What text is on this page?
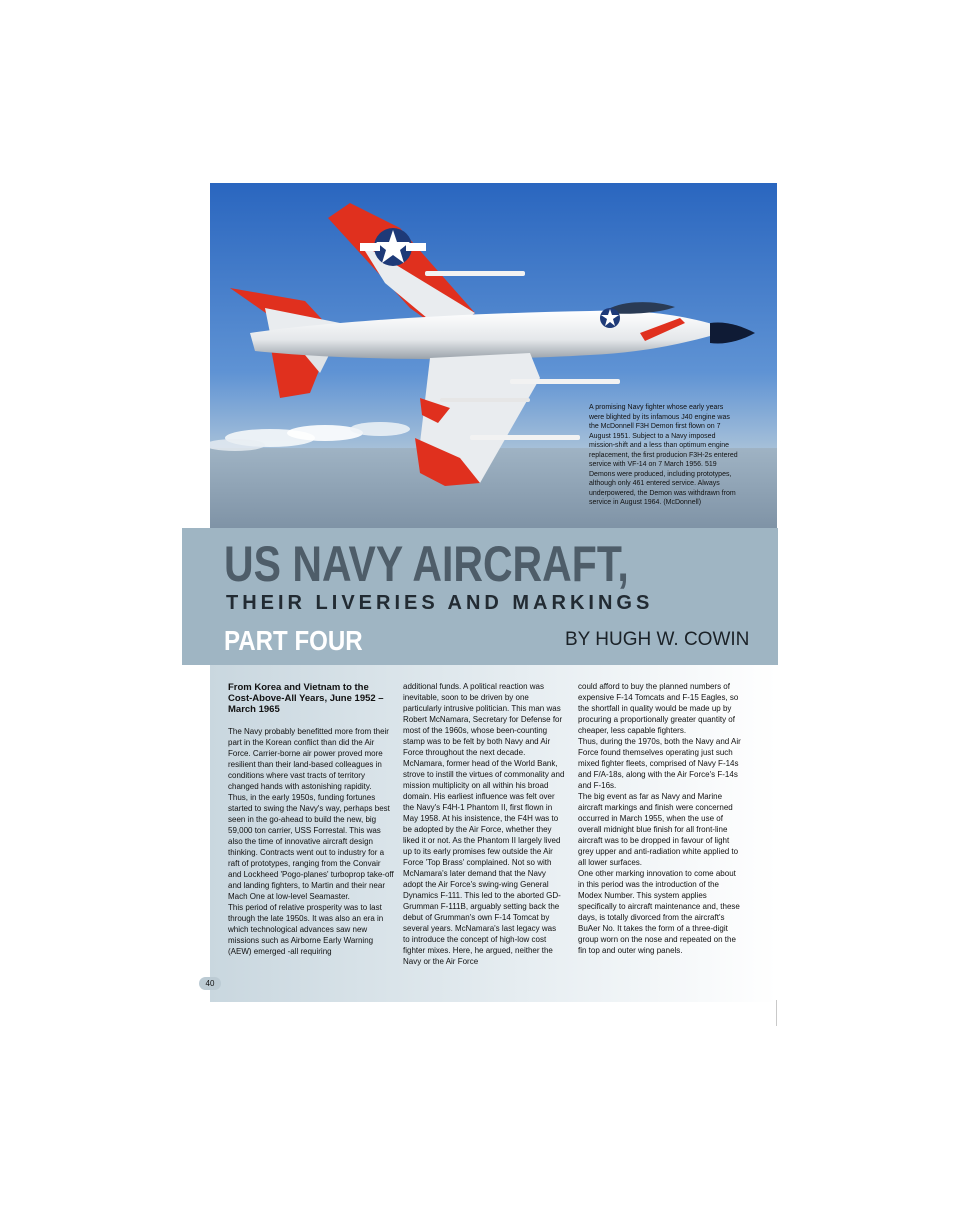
A promising Navy fighter whose early years were blighted by its infamous J40 engine was the McDonnell F3H Demon first flown on 7 August 1951. Subject to a Navy imposed mission-shift and a less than optimum engine replacement, the first producion F3H-2s entered service with VF-14 on 7 March 1956. 519 Demons were produced, including prototypes, although only 461 entered service. Always underpowered, the Demon was withdrawn from service in August 1964. (McDonnell)
US NAVY AIRCRAFT,
THEIR LIVERIES AND MARKINGS
PART FOUR	BY HUGH W. COWIN
From Korea and Vietnam to the Cost-Above-All Years, June 1952 – March 1965

The Navy probably benefitted more from their part in the Korean conflict than did the Air Force. Carrier-borne air power proved more resilient than their land-based colleagues in conditions where vast tracts of territory changed hands with astonishing rapidity.

Thus, in the early 1950s, funding fortunes started to swing the Navy's way, perhaps best seen in the go-ahead to build the new, big 59,000 ton carrier, USS Forrestal. This was also the time of innovative aircraft design thinking. Contracts went out to industry for a raft of prototypes, ranging from the Convair and Lockheed 'Pogo-planes' turboprop take-off and landing fighters, to Martin and their near Mach One at low-level Seamaster.

This period of relative prosperity was to last through the late 1950s. It was also an era in which technological advances saw new missions such as Airborne Early Warning (AEW) emerged -all requiring

additional funds. A political reaction was inevitable, soon to be driven by one particularly intrusive politician. This man was Robert McNamara, Secretary for Defense for most of the 1960s, whose been-counting stamp was to be felt by both Navy and Air Force throughout the next decade. McNamara, former head of the World Bank, strove to instill the virtues of commonality and mission multiplicity on all within his broad domain. His earliest influence was felt over the Navy's F4H-1 Phantom II, first flown in May 1958. At his insistence, the F4H was to be adopted by the Air Force, whether they liked it or not. As the Phantom II largely lived up to its early promises few outside the Air Force 'Top Brass' complained. Not so with McNamara's later demand that the Navy adopt the Air Force's swing-wing General Dynamics F-111. This led to the aborted GD-Grumman F-111B, arguably setting back the debut of Grumman's own F-14 Tomcat by several years. McNamara's last legacy was to introduce the concept of high-low cost fighter mixes. Here, he argued, neither the Navy or the Air Force

could afford to buy the planned numbers of expensive F-14 Tomcats and F-15 Eagles, so the shortfall in quality would be made up by procuring a proportionally greater quantity of cheaper, less capable fighters.

Thus, during the 1970s, both the Navy and Air Force found themselves operating just such mixed fighter fleets, comprised of Navy F-14s and F/A-18s, along with the Air Force's F-14s and F-16s.

The big event as far as Navy and Marine aircraft markings and finish were concerned occurred in March 1955, when the use of overall midnight blue finish for all front-line aircraft was to be dropped in favour of light grey upper and anti-radiation white applied to all lower surfaces.

One other marking innovation to come about in this period was the introduction of the Modex Number. This system applies specifically to aircraft maintenance and, these days, is totally divorced from the aircraft's BuAer No. It takes the form of a three-digit group worn on the nose and repeated on the fin top and outer wing panels.

40
